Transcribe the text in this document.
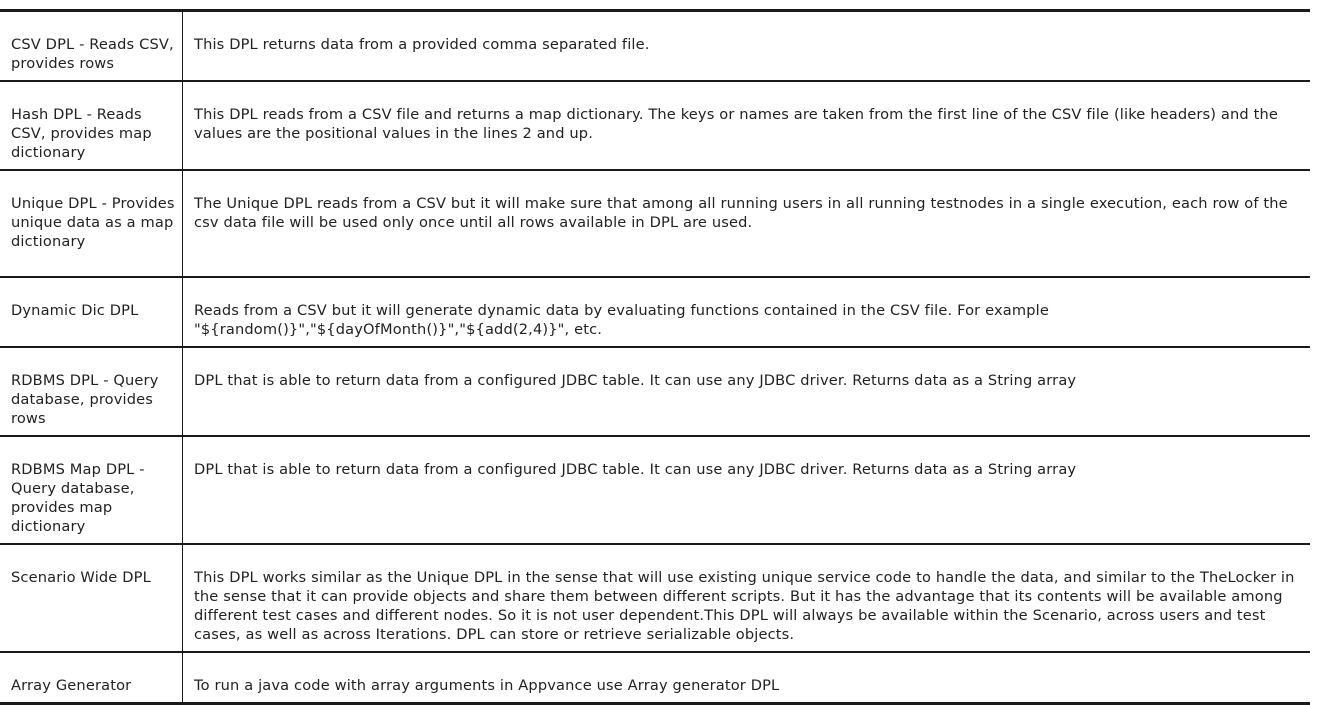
CSV DPL - Reads CSV, provides rows	This DPL returns data from a provided comma separated file.
Hash DPL - Reads CSV, provides map dictionary	This DPL reads from a CSV file and returns a map dictionary. The keys or names are taken from the first line of the CSV file (like headers) and the values are the positional values in the lines 2 and up.
Unique DPL - Provides unique data as a map dictionary	The Unique DPL reads from a CSV but it will make sure that among all running users in all running testnodes in a single execution, each row of the csv data file will be used only once until all rows available in DPL are used.
Dynamic Dic DPL	Reads from a CSV but it will generate dynamic data by evaluating functions contained in the CSV file. For example "${random()}","${dayOfMonth()}","${add(2,4)}", etc.
RDBMS DPL - Query database, provides rows	DPL that is able to return data from a configured JDBC table. It can use any JDBC driver. Returns data as a String array
RDBMS Map DPL - Query database, provides map dictionary	DPL that is able to return data from a configured JDBC table. It can use any JDBC driver. Returns data as a String array
Scenario Wide DPL	This DPL works similar as the Unique DPL in the sense that will use existing unique service code to handle the data, and similar to the TheLocker in the sense that it can provide objects and share them between different scripts. But it has the advantage that its contents will be available among different test cases and different nodes. So it is not user dependent.This DPL will always be available within the Scenario, across users and test cases, as well as across Iterations. DPL can store or retrieve serializable objects.
Array Generator	To run a java code with array arguments in Appvance use Array generator DPL
